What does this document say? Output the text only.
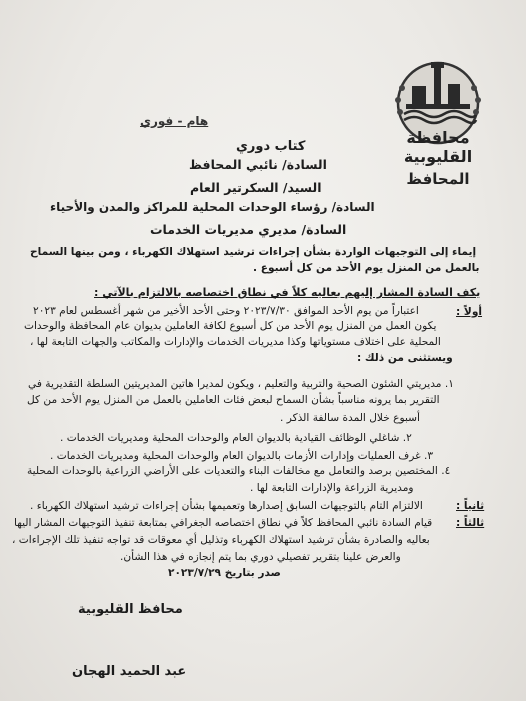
محافظة القليوبية
المحافظ
هام - فوري
كتاب دوري
السادة/ نائبي المحافظ
السيد/ السكرتير العام
السادة/ رؤساء الوحدات المحلية للمراكز والمدن والأحياء
السادة/ مديري مديريات الخدمات
إيماء إلى التوجيهات الواردة بشأن إجراءات ترشيد استهلاك الكهرباء ، ومن بينها السماح
بالعمل من المنزل يوم الأحد من كل أسبوع .
يكف السادة المشار إليهم بعاليه كلاً في نطاق اختصاصه بالالتزام بالآتي :
أولاً :
اعتباراً من يوم الأحد الموافق ٢٠٢٣/٧/٣٠ وحتى الأحد الأخير من شهر أغسطس لعام ٢٠٢٣
يكون العمل من المنزل يوم الأحد من كل أسبوع لكافة العاملين بديوان عام المحافظة والوحدات
المحلية على اختلاف مستوياتها وكذا مديريات الخدمات والإدارات والمكاتب والجهات التابعة لها ،
ويستثنى من ذلك :
١. مديريتي الشئون الصحية والتربية والتعليم ، ويكون لمديرا هاتين المديريتين السلطة التقديرية في
التقرير بما يرونه مناسباً بشأن السماح لبعض فئات العاملين بالعمل من المنزل يوم الأحد من كل
أسبوع خلال المدة سالفة الذكر .
٢. شاغلي الوظائف القيادية بالديوان العام والوحدات المحلية ومديريات الخدمات .
٣. غرف العمليات وإدارات الأزمات بالديوان العام والوحدات المحلية ومديريات الخدمات .
٤. المختصين برصد والتعامل مع مخالفات البناء والتعديات على الأراضي الزراعية بالوحدات المحلية
ومديرية الزراعة والإدارات التابعة لها .
ثانياً :
الالتزام التام بالتوجيهات السابق إصدارها وتعميمها بشأن إجراءات ترشيد استهلاك الكهرباء .
ثالثاً :
قيام السادة نائبي المحافظ كلاً في نطاق اختصاصه الجغرافي بمتابعة تنفيذ التوجيهات المشار اليها
بعاليه والصادرة بشأن ترشيد استهلاك الكهرباء وتذليل أي معوقات قد تواجه تنفيذ تلك الإجراءات ،
والعرض علينا بتقرير تفصيلي دوري بما يتم إنجازه في هذا الشأن.
صدر بتاريخ ٢٠٢٣/٧/٢٩
محافظ القليوبية
عبد الحميد الهجان
